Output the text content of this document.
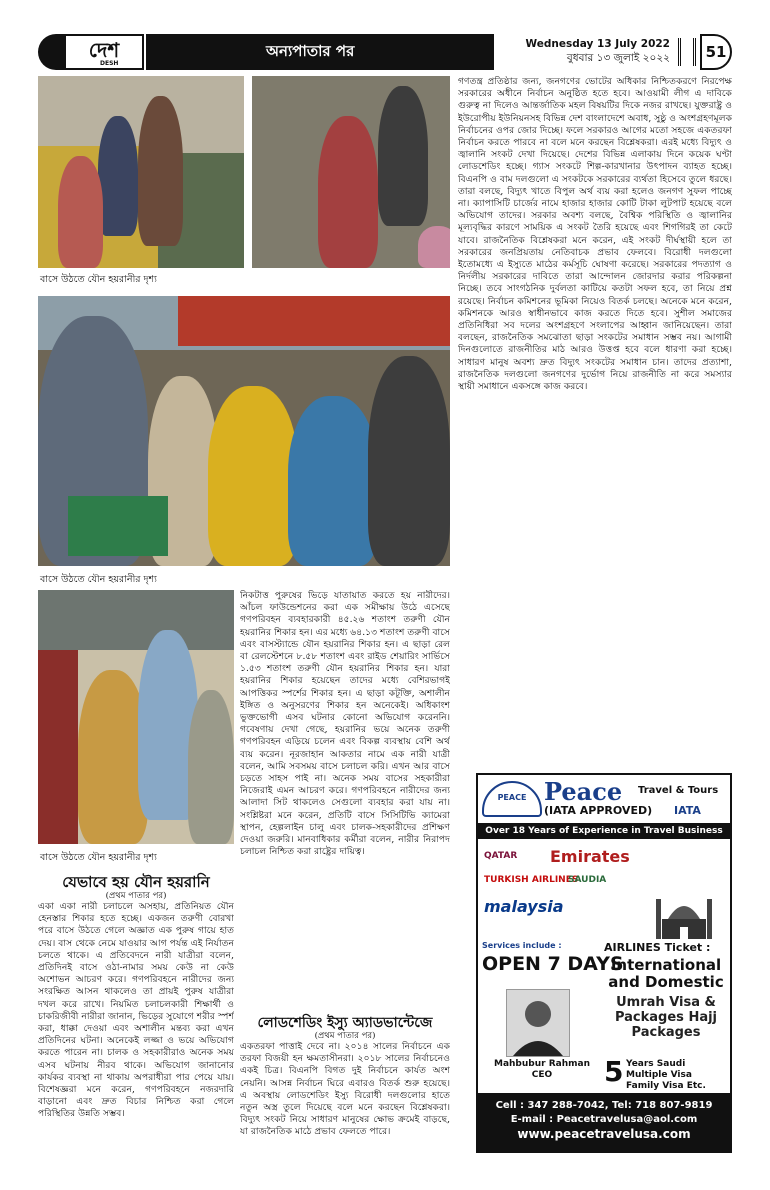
দেশ
DESH
অন্যপাতার পর	Wednesday 13 July 2022
বুধবার ১৩ জুলাই ২০২২	51
বাসে উঠতে যৌন হয়রানীর দৃশ্য
বাসে উঠতে যৌন হয়রানীর দৃশ্য
বাসে উঠতে যৌন হয়রানীর দৃশ্য
যেভাবে হয় যৌন হয়রানি
(প্রথম পাতার পর)

একা একা নারী চলাচলে অসহায়, প্রতিনিয়ত যৌন হেনস্তার শিকার হতে হচ্ছে। একজন তরুণী বোরখা পরে বাসে উঠতে গেলে অজ্ঞাত এক পুরুষ গায়ে হাত দেয়। বাস থেকে নেমে যাওয়ার আগ পর্যন্ত এই নির্যাতন চলতে থাকে। এ প্রতিবেদনে নারী যাত্রীরা বলেন, প্রতিদিনই বাসে ওঠা-নামার সময় কেউ না কেউ অশোভন আচরণ করে। গণপরিবহনে নারীদের জন্য সংরক্ষিত আসন থাকলেও তা প্রায়ই পুরুষ যাত্রীরা দখল করে রাখে। নিয়মিত চলাচলকারী শিক্ষার্থী ও চাকরিজীবী নারীরা জানান, ভিড়ের সুযোগে শরীর স্পর্শ করা, ধাক্কা দেওয়া এবং অশালীন মন্তব্য করা এখন প্রতিদিনের ঘটনা। অনেকেই লজ্জা ও ভয়ে অভিযোগ করতে পারেন না। চালক ও সহকারীরাও অনেক সময় এসব ঘটনায় নীরব থাকে। অভিযোগ জানানোর কার্যকর ব্যবস্থা না থাকায় অপরাধীরা পার পেয়ে যায়। বিশেষজ্ঞরা মনে করেন, গণপরিবহনে নজরদারি বাড়ানো এবং দ্রুত বিচার নিশ্চিত করা গেলে পরিস্থিতির উন্নতি সম্ভব।

নিকটাত্ত পুরুষের ভিড়ে যাতায়াত করতে হয় নারীদের। আঁচল ফাউন্ডেশনের করা এক সমীক্ষায় উঠে এসেছে গণপরিবহন ব্যবহারকারী ৪৫.২৬ শতাংশ তরুণী যৌন হয়রানির শিকার হন। এর মধ্যে ৬৪.১৩ শতাংশ তরুণী বাসে এবং বাসস্ট্যান্ডে যৌন হয়রানির শিকার হন। এ ছাড়া রেল বা রেলস্টেশনে ৮.৫৮ শতাংশ এবং রাইড শেয়ারিং সার্ভিসে ১.৫৩ শতাংশ তরুণী যৌন হয়রানির শিকার হন। যারা হয়রানির শিকার হয়েছেন তাদের মধ্যে বেশিরভাগই আপত্তিকর স্পর্শের শিকার হন। এ ছাড়া কটূক্তি, অশালীন ইঙ্গিত ও অনুসরণের শিকার হন অনেকেই। অধিকাংশ ভুক্তভোগী এসব ঘটনার কোনো অভিযোগ করেননি। গবেষণায় দেখা গেছে, হয়রানির ভয়ে অনেক তরুণী গণপরিবহন এড়িয়ে চলেন এবং বিকল্প ব্যবস্থায় বেশি অর্থ ব্যয় করেন। নূরজাহান আকতার নামে এক নারী যাত্রী বলেন, আমি সবসময় বাসে চলাচল করি। এখন আর বাসে চড়তে সাহস পাই না। অনেক সময় বাসের সহকারীরা নিজেরাই এমন আচরণ করে। গণপরিবহনে নারীদের জন্য আলাদা সিট থাকলেও সেগুলো ব্যবহার করা যায় না। সংশ্লিষ্টরা মনে করেন, প্রতিটি বাসে সিসিটিভি ক্যামেরা স্থাপন, হেল্পলাইন চালু এবং চালক-সহকারীদের প্রশিক্ষণ দেওয়া জরুরি। মানবাধিকার কর্মীরা বলেন, নারীর নিরাপদ চলাচল নিশ্চিত করা রাষ্ট্রের দায়িত্ব।

লোডশেডিং ইস্যু অ্যাডভান্টেজে
(প্রথম পাতার পর)

একতরফা পাত্তাই দেবে না। ২০১৪ সালের নির্বাচনে এক তরফা বিজয়ী হন ক্ষমতাসীনরা। ২০১৮ সালের নির্বাচনেও একই চিত্র। বিএনপি বিগত দুই নির্বাচনে কার্যত অংশ নেয়নি। আসন্ন নির্বাচন ঘিরে এবারও বিতর্ক শুরু হয়েছে। এ অবস্থায় লোডশেডিং ইস্যু বিরোধী দলগুলোর হাতে নতুন অস্ত্র তুলে দিয়েছে বলে মনে করছেন বিশ্লেষকরা। বিদ্যুৎ সংকট নিয়ে সাধারণ মানুষের ক্ষোভ ক্রমেই বাড়ছে, যা রাজনৈতিক মাঠে প্রভাব ফেলতে পারে।

গণতন্ত্র প্রতিষ্ঠার জন্য, জনগণের ভোটের অধিকার নিশ্চিতকরণে নিরপেক্ষ সরকারের অধীনে নির্বাচন অনুষ্ঠিত হতে হবে। আওয়ামী লীগ এ দাবিকে গুরুত্ব না দিলেও আন্তর্জাতিক মহল বিষয়টির দিকে নজর রাখছে। যুক্তরাষ্ট্র ও ইউরোপীয় ইউনিয়নসহ বিভিন্ন দেশ বাংলাদেশে অবাধ, সুষ্ঠু ও অংশগ্রহণমূলক নির্বাচনের ওপর জোর দিচ্ছে। ফলে সরকারও আগের মতো সহজে একতরফা নির্বাচন করতে পারবে না বলে মনে করছেন বিশ্লেষকরা। এরই মধ্যে বিদ্যুৎ ও জ্বালানি সংকট দেখা দিয়েছে। দেশের বিভিন্ন এলাকায় দিনে কয়েক ঘণ্টা লোডশেডিং হচ্ছে। গ্যাস সংকটে শিল্প-কারখানার উৎপাদন ব্যাহত হচ্ছে। বিএনপি ও বাম দলগুলো এ সংকটকে সরকারের ব্যর্থতা হিসেবে তুলে ধরছে। তারা বলছে, বিদ্যুৎ খাতে বিপুল অর্থ ব্যয় করা হলেও জনগণ সুফল পাচ্ছে না। ক্যাপাসিটি চার্জের নামে হাজার হাজার কোটি টাকা লুটপাট হয়েছে বলে অভিযোগ তাদের। সরকার অবশ্য বলছে, বৈশ্বিক পরিস্থিতি ও জ্বালানির মূল্যবৃদ্ধির কারণে সাময়িক এ সংকট তৈরি হয়েছে এবং শিগগিরই তা কেটে যাবে। রাজনৈতিক বিশ্লেষকরা মনে করেন, এই সংকট দীর্ঘস্থায়ী হলে তা সরকারের জনপ্রিয়তায় নেতিবাচক প্রভাব ফেলবে। বিরোধী দলগুলো ইতোমধ্যে এ ইস্যুতে মাঠের কর্মসূচি ঘোষণা করেছে। সরকারের পদত্যাগ ও নির্দলীয় সরকারের দাবিতে তারা আন্দোলন জোরদার করার পরিকল্পনা নিচ্ছে। তবে সাংগঠনিক দুর্বলতা কাটিয়ে কতটা সফল হবে, তা নিয়ে প্রশ্ন রয়েছে। নির্বাচন কমিশনের ভূমিকা নিয়েও বিতর্ক চলছে। অনেকে মনে করেন, কমিশনকে আরও স্বাধীনভাবে কাজ করতে দিতে হবে। সুশীল সমাজের প্রতিনিধিরা সব দলের অংশগ্রহণে সংলাপের আহ্বান জানিয়েছেন। তারা বলছেন, রাজনৈতিক সমঝোতা ছাড়া সংকটের সমাধান সম্ভব নয়। আগামী দিনগুলোতে রাজনীতির মাঠ আরও উত্তপ্ত হবে বলে ধারণা করা হচ্ছে। সাধারণ মানুষ অবশ্য দ্রুত বিদ্যুৎ সংকটের সমাধান চান। তাদের প্রত্যাশা, রাজনৈতিক দলগুলো জনগণের দুর্ভোগ নিয়ে রাজনীতি না করে সমস্যার স্থায়ী সমাধানে একসঙ্গে কাজ করবে।

PEACE Peace Travel & Tours
(IATA APPROVED) IATA
Over 18 Years of Experience in Travel Business
QATAR Emirates
TURKISH AIRLINES
SAUDIA
malaysia
Services include :
OPEN 7 DAYS
AIRLINES Ticket :
International and Domestic
Umrah Visa & Packages Hajj Packages
5 Years Saudi Multiple Visa Family Visa Etc.
Mahbubur Rahman
CEO
Cell : 347 288-7042, Tel: 718 807-9819
E-mail : Peacetravelusa@aol.com
www.peacetravelusa.com
